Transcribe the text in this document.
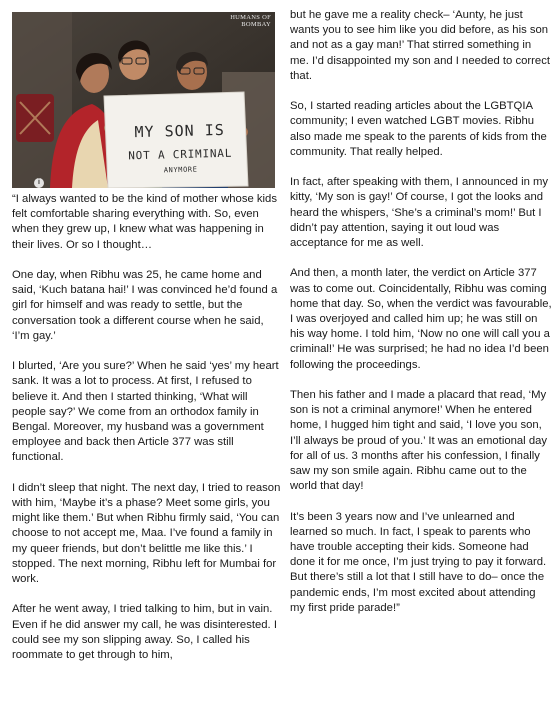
HUMANS OF
BOMBAY
MY SON IS
NOT A CRIMINAL
ANYMORE
i

“I always wanted to be the kind of mother whose kids felt comfortable sharing everything with. So, even when they grew up, I knew what was happening in their lives. Or so I thought…

One day, when Ribhu was 25, he came home and said, ‘Kuch batana hai!’ I was convinced he’d found a girl for himself and was ready to settle, but the conversation took a different course when he said, ‘I’m gay.’

I blurted, ‘Are you sure?’ When he said ‘yes’ my heart sank. It was a lot to process. At first, I refused to believe it. And then I started thinking, ‘What will people say?’ We come from an orthodox family in Bengal. Moreover, my husband was a government employee and back then Article 377 was still functional.

I didn’t sleep that night. The next day, I tried to reason with him, ‘Maybe it’s a phase? Meet some girls, you might like them.’ But when Ribhu firmly said, ‘You can choose to not accept me, Maa. I’ve found a family in my queer friends, but don’t belittle me like this.’ I stopped. The next morning, Ribhu left for Mumbai for work.

After he went away, I tried talking to him, but in vain. Even if he did answer my call, he was disinterested. I could see my son slipping away. So, I called his roommate to get through to him,

but he gave me a reality check– ‘Aunty, he just wants you to see him like you did before, as his son and not as a gay man!’ That stirred something in me. I’d disappointed my son and I needed to correct that.

So, I started reading articles about the LGBTQIA community; I even watched LGBT movies. Ribhu also made me speak to the parents of kids from the community. That really helped.

In fact, after speaking with them, I announced in my kitty, ‘My son is gay!’ Of course, I got the looks and heard the whispers, ‘She’s a criminal’s mom!’ But I didn’t pay attention, saying it out loud was acceptance for me as well.

And then, a month later, the verdict on Article 377 was to come out. Coincidentally, Ribhu was coming home that day. So, when the verdict was favourable, I was overjoyed and called him up; he was still on his way home. I told him, ‘Now no one will call you a criminal!’ He was surprised; he had no idea I’d been following the proceedings.

Then his father and I made a placard that read, ‘My son is not a criminal anymore!’ When he entered home, I hugged him tight and said, ‘I love you son, I’ll always be proud of you.’ It was an emotional day for all of us. 3 months after his confession, I finally saw my son smile again. Ribhu came out to the world that day!

It’s been 3 years now and I’ve unlearned and learned so much. In fact, I speak to parents who have trouble accepting their kids. Someone had done it for me once, I’m just trying to pay it forward. But there’s still a lot that I still have to do– once the pandemic ends, I’m most excited about attending my first pride parade!”
